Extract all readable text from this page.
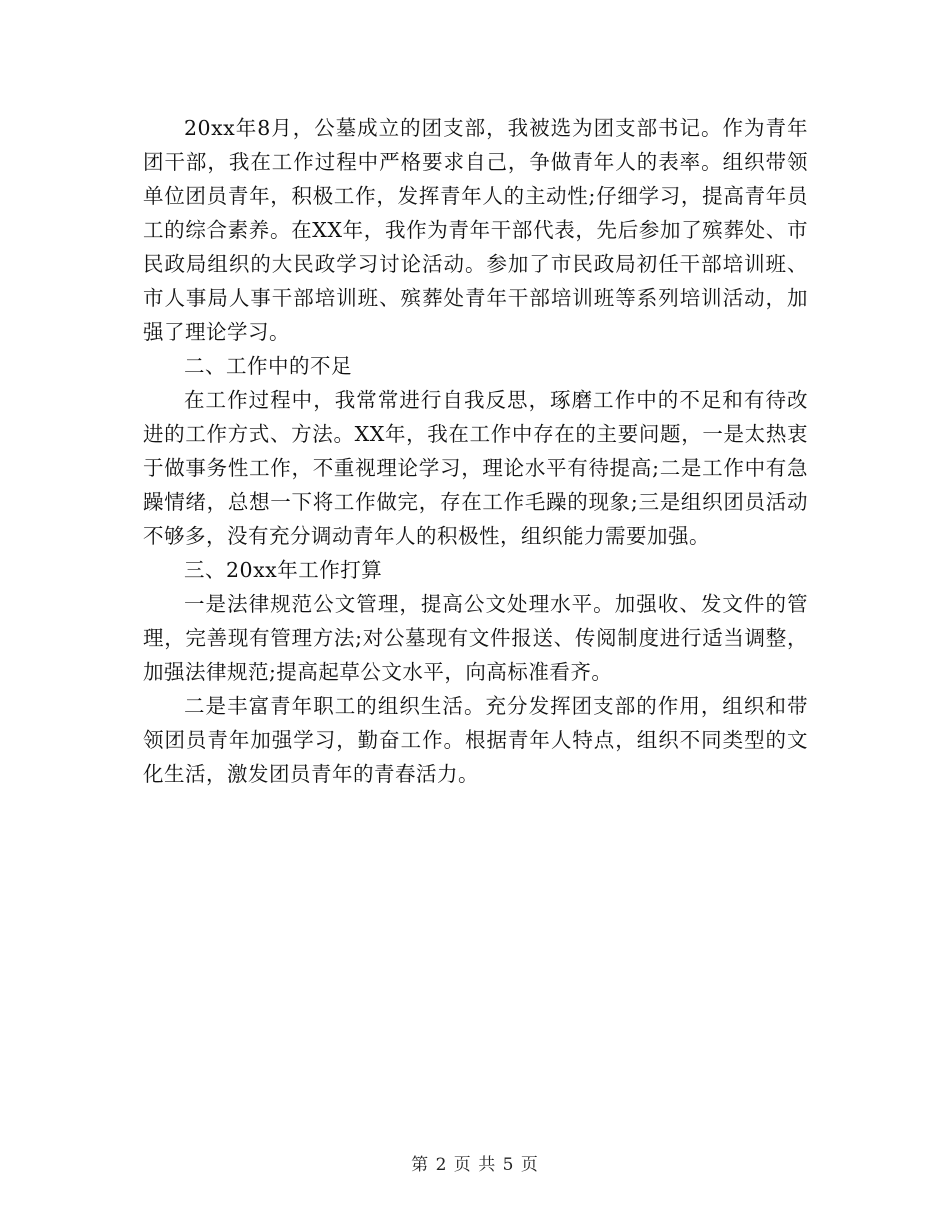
20xx年8月，公墓成立的团支部，我被选为团支部书记。作为青年团干部，我在工作过程中严格要求自己，争做青年人的表率。组织带领单位团员青年，积极工作，发挥青年人的主动性;仔细学习，提高青年员工的综合素养。在XX年，我作为青年干部代表，先后参加了殡葬处、市民政局组织的大民政学习讨论活动。参加了市民政局初任干部培训班、市人事局人事干部培训班、殡葬处青年干部培训班等系列培训活动，加强了理论学习。

二、工作中的不足

在工作过程中，我常常进行自我反思，琢磨工作中的不足和有待改进的工作方式、方法。XX年，我在工作中存在的主要问题，一是太热衷于做事务性工作，不重视理论学习，理论水平有待提高;二是工作中有急躁情绪，总想一下将工作做完，存在工作毛躁的现象;三是组织团员活动不够多，没有充分调动青年人的积极性，组织能力需要加强。

三、20xx年工作打算

一是法律规范公文管理，提高公文处理水平。加强收、发文件的管理，完善现有管理方法;对公墓现有文件报送、传阅制度进行适当调整，加强法律规范;提高起草公文水平，向高标准看齐。

二是丰富青年职工的组织生活。充分发挥团支部的作用，组织和带领团员青年加强学习，勤奋工作。根据青年人特点，组织不同类型的文化生活，激发团员青年的青春活力。

第 2 页 共 5 页
